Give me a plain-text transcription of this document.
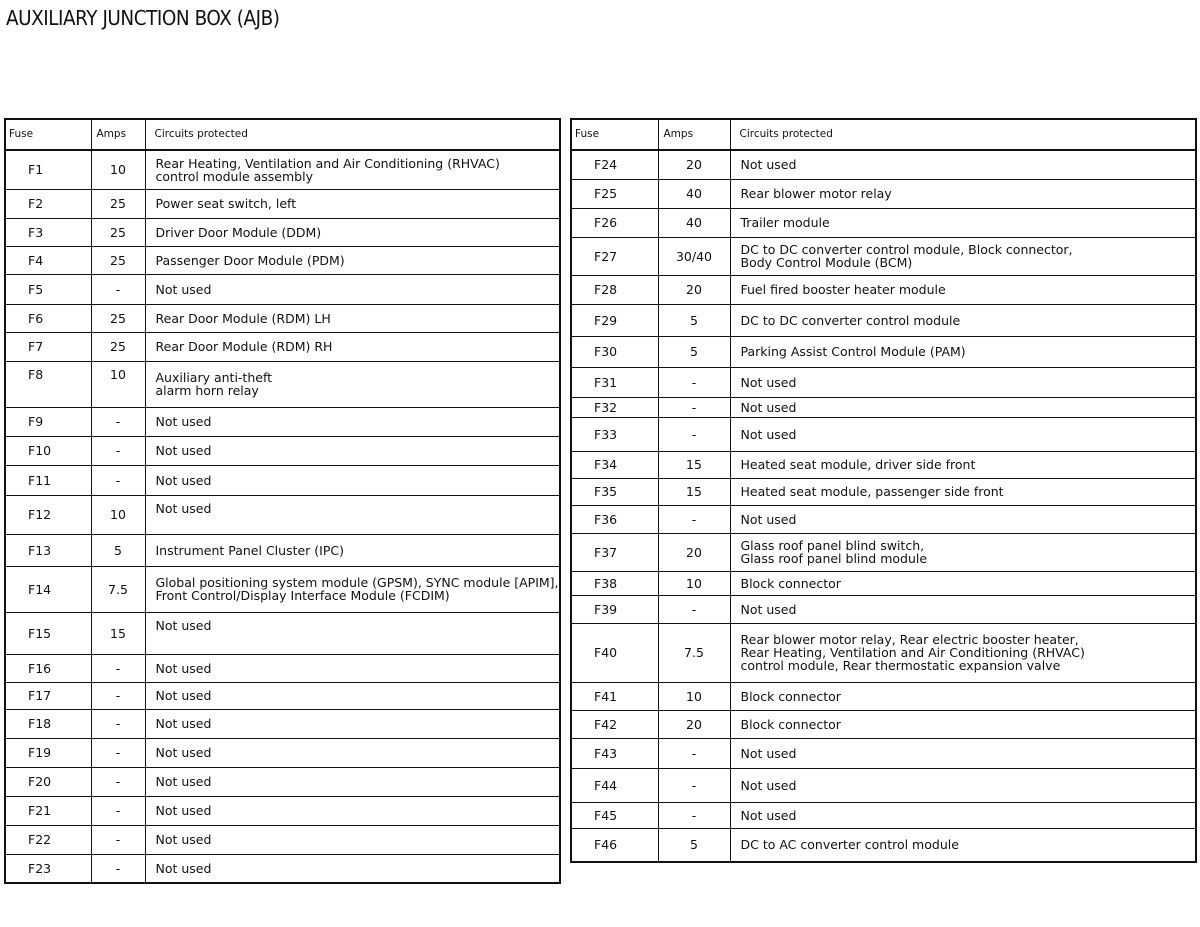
AUXILIARY JUNCTION BOX (AJB)
Fuse	Amps	Circuits protected
F1	10	Rear Heating, Ventilation and Air Conditioning (RHVAC)
control module assembly
F2	25	Power seat switch, left
F3	25	Driver Door Module (DDM)
F4	25	Passenger Door Module (PDM)
F5	-	Not used
F6	25	Rear Door Module (RDM) LH
F7	25	Rear Door Module (RDM) RH
F8	10	Auxiliary anti-theft
alarm horn relay
F9	-	Not used
F10	-	Not used
F11	-	Not used
F12	10	Not used
F13	5	Instrument Panel Cluster (IPC)
F14	7.5	Global positioning system module (GPSM), SYNC module [APIM],
Front Control/Display Interface Module (FCDIM)
F15	15	Not used
F16	-	Not used
F17	-	Not used
F18	-	Not used
F19	-	Not used
F20	-	Not used
F21	-	Not used
F22	-	Not used
F23	-	Not used
Fuse	Amps	Circuits protected
F24	20	Not used
F25	40	Rear blower motor relay
F26	40	Trailer module
F27	30/40	DC to DC converter control module, Block connector,
Body Control Module (BCM)
F28	20	Fuel fired booster heater module
F29	5	DC to DC converter control module
F30	5	Parking Assist Control Module (PAM)
F31	-	Not used
F32	-	Not used
F33	-	Not used
F34	15	Heated seat module, driver side front
F35	15	Heated seat module, passenger side front
F36	-	Not used
F37	20	Glass roof panel blind switch,
Glass roof panel blind module
F38	10	Block connector
F39	-	Not used
F40	7.5	Rear blower motor relay, Rear electric booster heater,
Rear Heating, Ventilation and Air Conditioning (RHVAC)
control module, Rear thermostatic expansion valve
F41	10	Block connector
F42	20	Block connector
F43	-	Not used
F44	-	Not used
F45	-	Not used
F46	5	DC to AC converter control module
